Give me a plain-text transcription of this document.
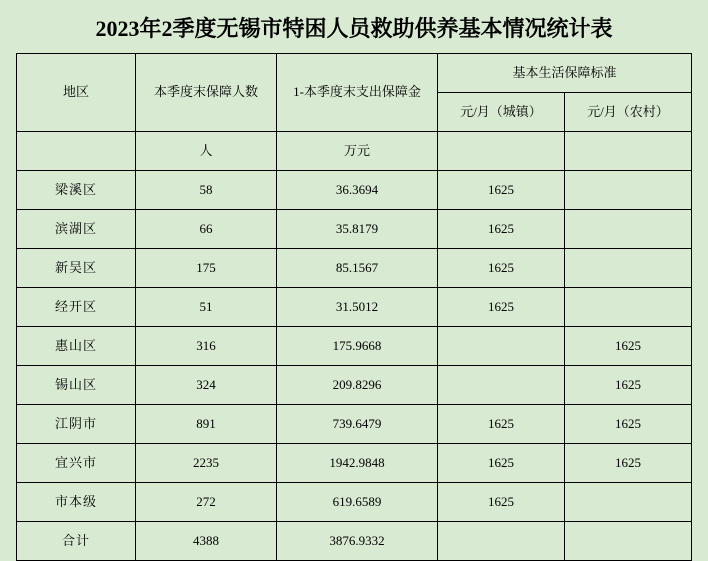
2023年2季度无锡市特困人员救助供养基本情况统计表
地区	本季度末保障人数	1-本季度末支出保障金	基本生活保障标准	
			元/月（城镇）	元/月（农村）
	人	万元		
梁溪区	58	36.3694	1625	
滨湖区	66	35.8179	1625	
新吴区	175	85.1567	1625	
经开区	51	31.5012	1625	
惠山区	316	175.9668		1625
锡山区	324	209.8296		1625
江阴市	891	739.6479	1625	1625
宜兴市	2235	1942.9848	1625	1625
市本级	272	619.6589	1625	
合计	4388	3876.9332		
